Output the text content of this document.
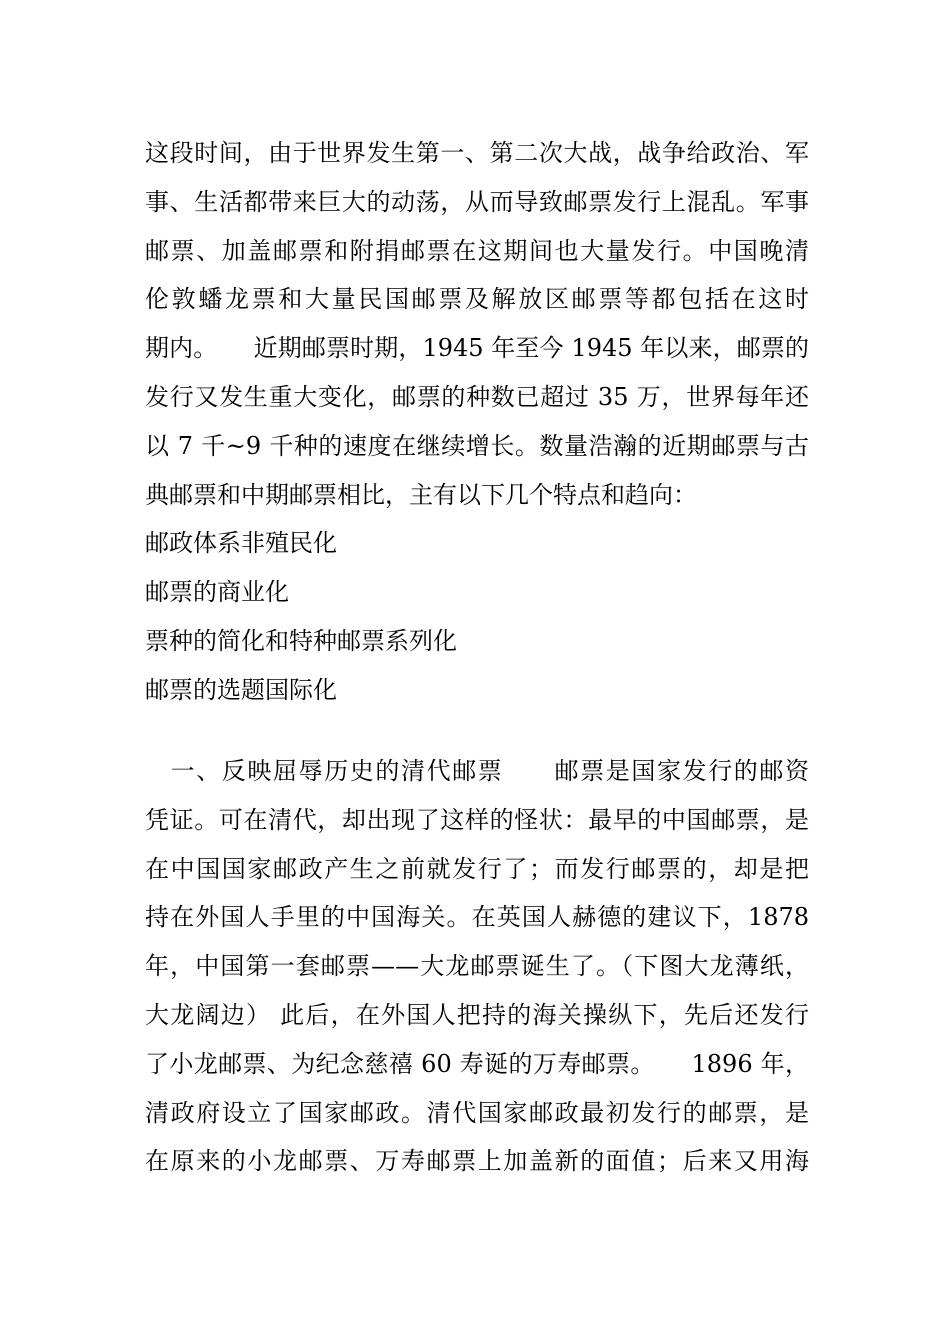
这段时间，由于世界发生第一、第二次大战，战争给政治、军
事、生活都带来巨大的动荡，从而导致邮票发行上混乱。军事
邮票、加盖邮票和附捐邮票在这期间也大量发行。中国晚清
伦敦蟠龙票和大量民国邮票及解放区邮票等都包括在这时
期内。　　近期邮票时期，1945 年至今 1945 年以来，邮票的
发行又发生重大变化，邮票的种数已超过 35 万，世界每年还
以 7 千~9 千种的速度在继续增长。数量浩瀚的近期邮票与古
典邮票和中期邮票相比，主有以下几个特点和趋向：
邮政体系非殖民化
邮票的商业化
票种的简化和特种邮票系列化
邮票的选题国际化
　一、反映屈辱历史的清代邮票　　邮票是国家发行的邮资
凭证。可在清代，却出现了这样的怪状：最早的中国邮票，是
在中国国家邮政产生之前就发行了；而发行邮票的，却是把
持在外国人手里的中国海关。在英国人赫德的建议下，1878
年，中国第一套邮票——大龙邮票诞生了。（下图大龙薄纸，
大龙阔边） 此后，在外国人把持的海关操纵下，先后还发行
了小龙邮票、为纪念慈禧 60 寿诞的万寿邮票。　　1896 年，
清政府设立了国家邮政。清代国家邮政最初发行的邮票，是
在原来的小龙邮票、万寿邮票上加盖新的面值；后来又用海
